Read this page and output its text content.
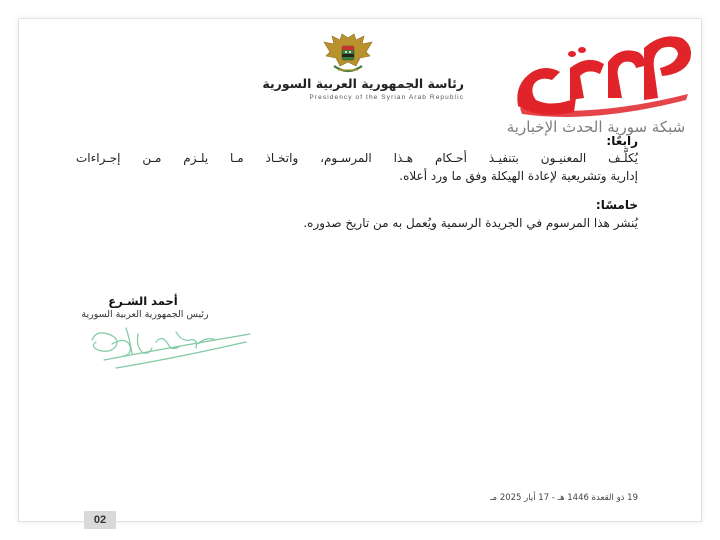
رئاسة الجمهورية العربية السورية
Presidency of the Syrian Arab Republic
شبكة سورية الحدث الإخبارية
رابعًا:
يُكلَّـف المعنيـون بتنفيـذ أحـكام هـذا المرسـوم، واتخـاذ مـا يلـزم مـن إجـراءات
إدارية وتشريعية لإعادة الهيكلة وفق ما ورد أعلاه.
خامسًا:
يُنشر هذا المرسوم في الجريدة الرسمية ويُعمل به من تاريخ صدوره.
أحمد الشـرع
رئيس الجمهورية العربية السورية
19 ذو القعدة 1446 هـ - 17 أيار 2025 مـ
02
